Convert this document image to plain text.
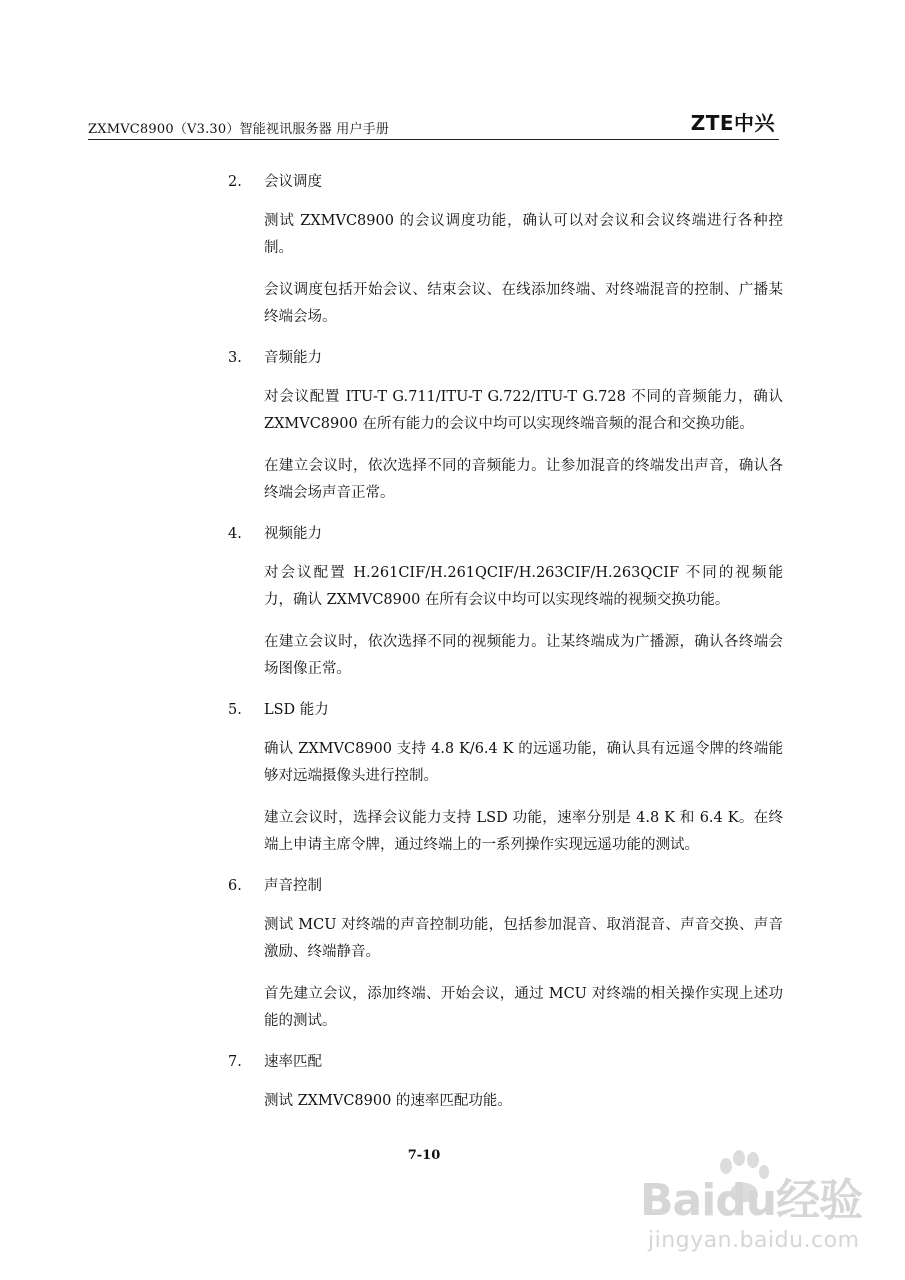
ZXMVC8900（V3.30）智能视讯服务器 用户手册	ZTE中兴
2.	会议调度

测试 ZXMVC8900 的会议调度功能，确认可以对会议和会议终端进行各种控制。

会议调度包括开始会议、结束会议、在线添加终端、对终端混音的控制、广播某终端会场。

3.	音频能力

对会议配置 ITU-T G.711/ITU-T G.722/ITU-T G.728 不同的音频能力，确认 ZXMVC8900 在所有能力的会议中均可以实现终端音频的混合和交换功能。

在建立会议时，依次选择不同的音频能力。让参加混音的终端发出声音，确认各终端会场声音正常。

4.	视频能力

对会议配置 H.261CIF/H.261QCIF/H.263CIF/H.263QCIF 不同的视频能力，确认 ZXMVC8900 在所有会议中均可以实现终端的视频交换功能。

在建立会议时，依次选择不同的视频能力。让某终端成为广播源，确认各终端会场图像正常。

5.	LSD 能力

确认 ZXMVC8900 支持 4.8 K/6.4 K 的远遥功能，确认具有远遥令牌的终端能够对远端摄像头进行控制。

建立会议时，选择会议能力支持 LSD 功能，速率分别是 4.8 K 和 6.4 K。在终端上申请主席令牌，通过终端上的一系列操作实现远遥功能的测试。

6.	声音控制

测试 MCU 对终端的声音控制功能，包括参加混音、取消混音、声音交换、声音激励、终端静音。

首先建立会议，添加终端、开始会议，通过 MCU 对终端的相关操作实现上述功能的测试。

7.	速率匹配

测试 ZXMVC8900 的速率匹配功能。

7-10
Baidu经验
jingyan.baidu.com
